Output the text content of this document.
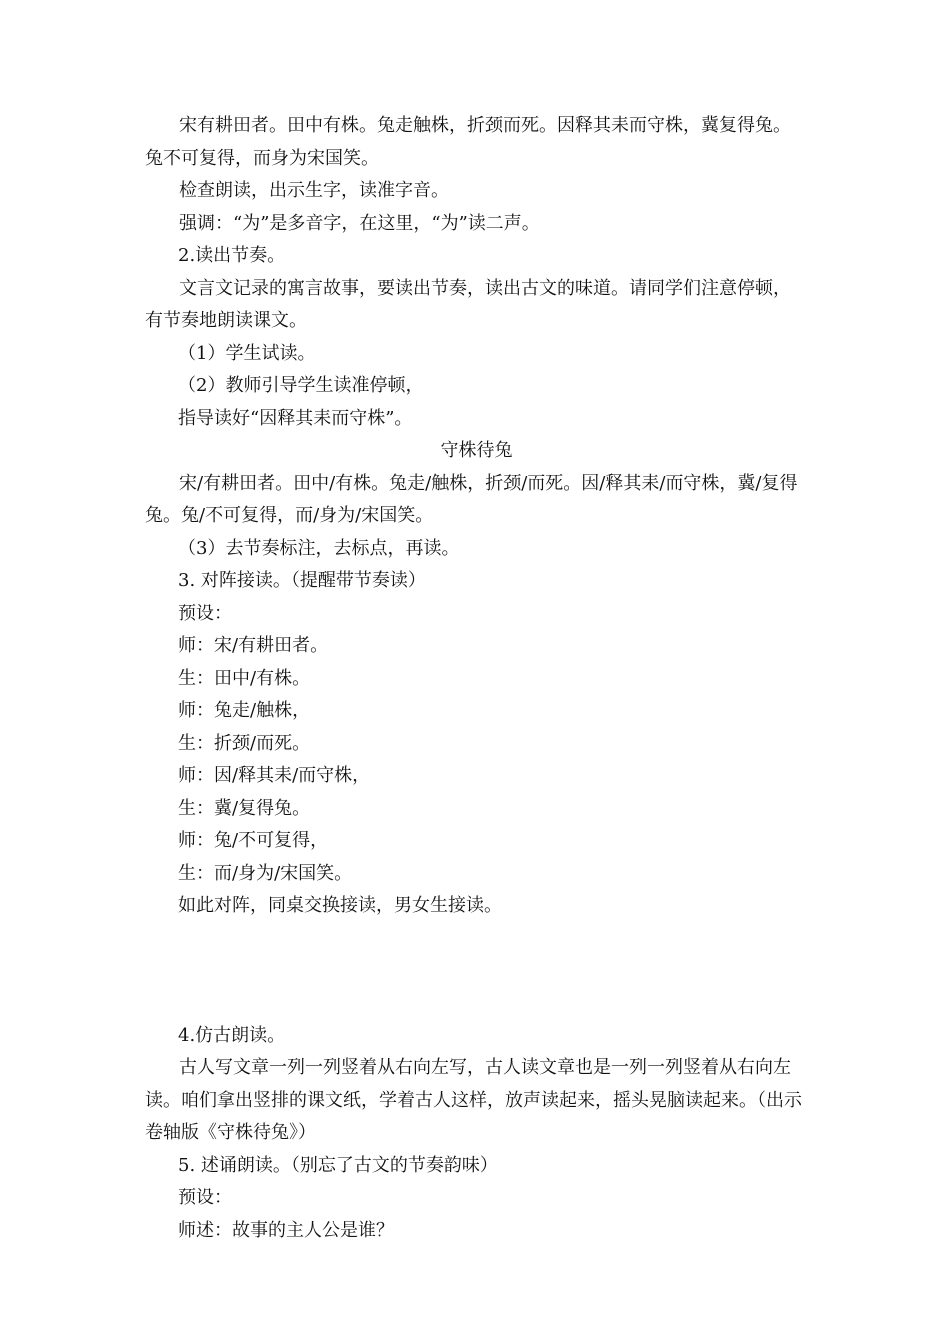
宋有耕田者。田中有株。兔走触株，折颈而死。因释其耒而守株，冀复得兔。兔不可复得，而身为宋国笑。

检查朗读，出示生字，读准字音。

强调：“为”是多音字，在这里，“为”读二声。

2.读出节奏。

文言文记录的寓言故事，要读出节奏，读出古文的味道。请同学们注意停顿，有节奏地朗读课文。

（1）学生试读。

（2）教师引导学生读准停顿，

指导读好“因释其耒而守株”。

守株待兔

宋/有耕田者。田中/有株。兔走/触株，折颈/而死。因/释其耒/而守株，冀/复得兔。兔/不可复得，而/身为/宋国笑。

（3）去节奏标注，去标点，再读。

3. 对阵接读。（提醒带节奏读）

预设：

师：宋/有耕田者。

生：田中/有株。

师：兔走/触株，

生：折颈/而死。

师：因/释其耒/而守株，

生：冀/复得兔。

师：兔/不可复得，

生：而/身为/宋国笑。

如此对阵，同桌交换接读，男女生接读。

4.仿古朗读。

古人写文章一列一列竖着从右向左写，古人读文章也是一列一列竖着从右向左读。咱们拿出竖排的课文纸，学着古人这样，放声读起来，摇头晃脑读起来。（出示卷轴版《守株待兔》）

5. 述诵朗读。（别忘了古文的节奏韵味）

预设：

师述：故事的主人公是谁？
